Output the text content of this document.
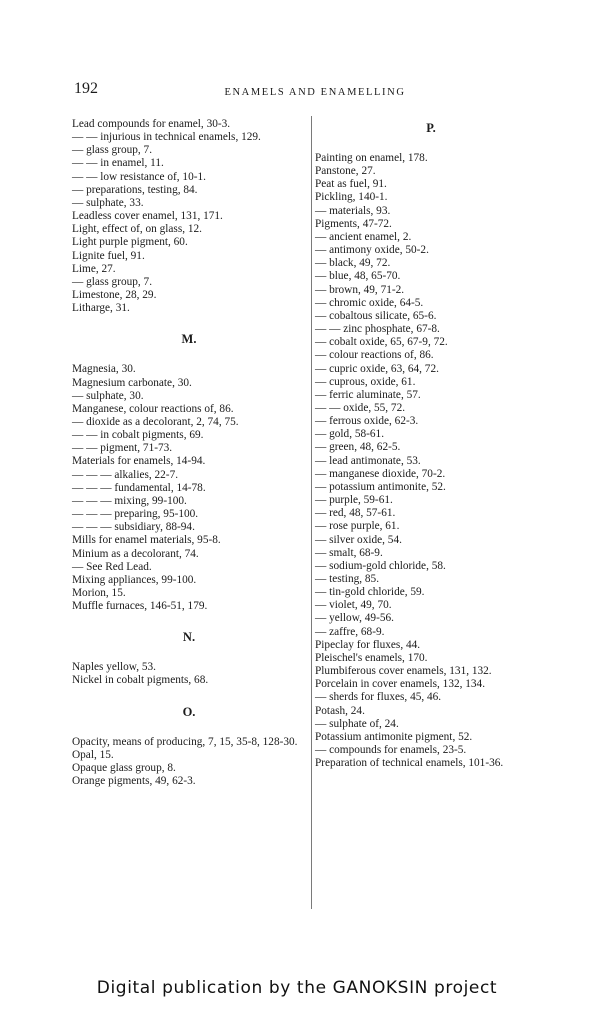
192	ENAMELS AND ENAMELLING
Lead compounds for enamel, 30-3.
— — injurious in technical enamels, 129.
— glass group, 7.
— — in enamel, 11.
— — low resistance of, 10-1.
— preparations, testing, 84.
— sulphate, 33.
Leadless cover enamel, 131, 171.
Light, effect of, on glass, 12.
Light purple pigment, 60.
Lignite fuel, 91.
Lime, 27.
— glass group, 7.
Limestone, 28, 29.
Litharge, 31.
M.
Magnesia, 30.
Magnesium carbonate, 30.
— sulphate, 30.
Manganese, colour reactions of, 86.
— dioxide as a decolorant, 2, 74, 75.
— — in cobalt pigments, 69.
— — pigment, 71-73.
Materials for enamels, 14-94.
— — — alkalies, 22-7.
— — — fundamental, 14-78.
— — — mixing, 99-100.
— — — preparing, 95-100.
— — — subsidiary, 88-94.
Mills for enamel materials, 95-8.
Minium as a decolorant, 74.
— See Red Lead.
Mixing appliances, 99-100.
Morion, 15.
Muffle furnaces, 146-51, 179.
N.
Naples yellow, 53.
Nickel in cobalt pigments, 68.
O.
Opacity, means of producing, 7, 15, 35-8, 128-30.
Opal, 15.
Opaque glass group, 8.
Orange pigments, 49, 62-3.
P.
Painting on enamel, 178.
Panstone, 27.
Peat as fuel, 91.
Pickling, 140-1.
— materials, 93.
Pigments, 47-72.
— ancient enamel, 2.
— antimony oxide, 50-2.
— black, 49, 72.
— blue, 48, 65-70.
— brown, 49, 71-2.
— chromic oxide, 64-5.
— cobaltous silicate, 65-6.
— — zinc phosphate, 67-8.
— cobalt oxide, 65, 67-9, 72.
— colour reactions of, 86.
— cupric oxide, 63, 64, 72.
— cuprous, oxide, 61.
— ferric aluminate, 57.
— — oxide, 55, 72.
— ferrous oxide, 62-3.
— gold, 58-61.
— green, 48, 62-5.
— lead antimonate, 53.
— manganese dioxide, 70-2.
— potassium antimonite, 52.
— purple, 59-61.
— red, 48, 57-61.
— rose purple, 61.
— silver oxide, 54.
— smalt, 68-9.
— sodium-gold chloride, 58.
— testing, 85.
— tin-gold chloride, 59.
— violet, 49, 70.
— yellow, 49-56.
— zaffre, 68-9.
Pipeclay for fluxes, 44.
Pleischel's enamels, 170.
Plumbiferous cover enamels, 131, 132.
Porcelain in cover enamels, 132, 134.
— sherds for fluxes, 45, 46.
Potash, 24.
— sulphate of, 24.
Potassium antimonite pigment, 52.
— compounds for enamels, 23-5.
Preparation of technical enamels, 101-36.
Digital publication by the GANOKSIN project
